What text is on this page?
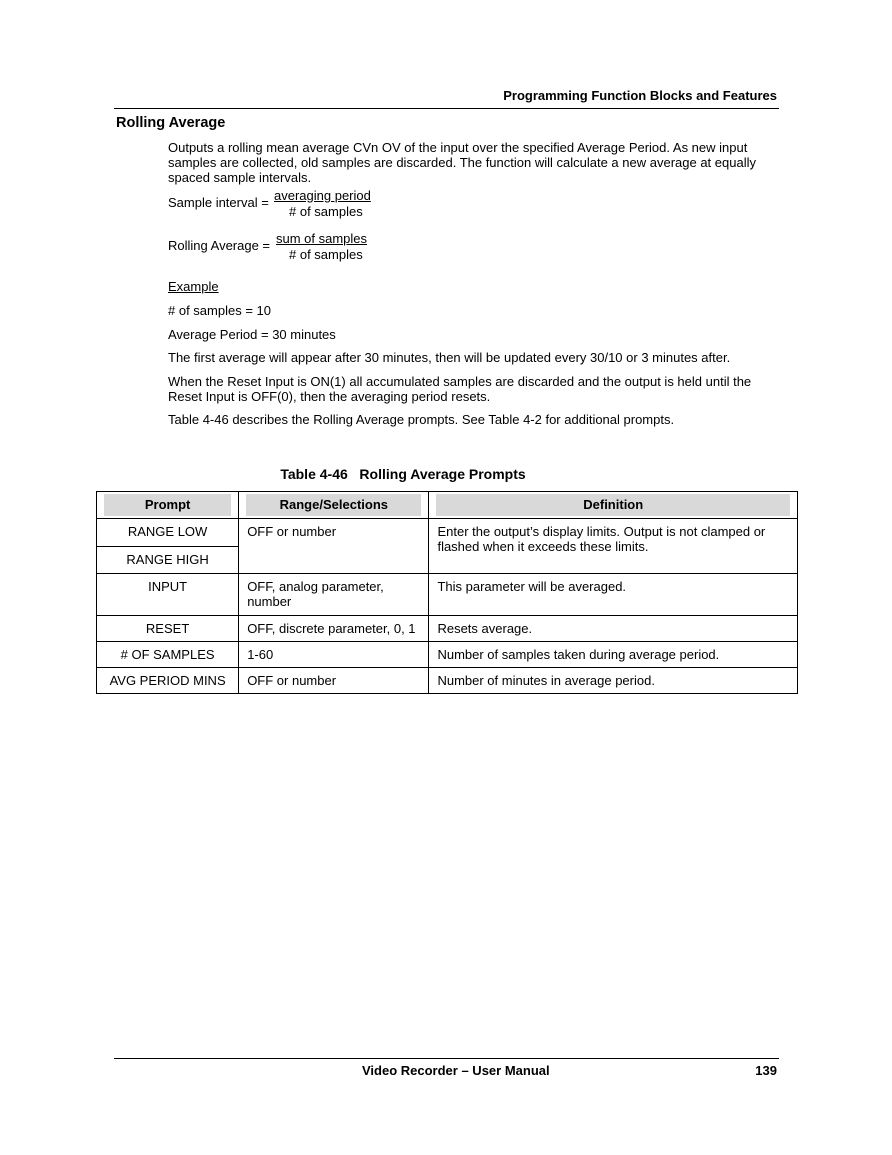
Programming Function Blocks and Features
Rolling Average
Outputs a rolling mean average CVn OV of the input over the specified Average Period. As new input samples are collected, old samples are discarded. The function will calculate a new average at equally spaced sample intervals.
Sample interval = averaging period
# of samples
Rolling Average = sum of samples
# of samples
Example
# of samples = 10
Average Period = 30 minutes
The first average will appear after 30 minutes, then will be updated every 30/10 or 3 minutes after.
When the Reset Input is ON(1) all accumulated samples are discarded and the output is held until the Reset Input is OFF(0), then the averaging period resets.
Table 4-46 describes the Rolling Average prompts. See Table 4-2 for additional prompts.
Table 4-46   Rolling Average Prompts
Prompt	Range/Selections	Definition

RANGE LOW	OFF or number	Enter the output’s display limits. Output is not clamped or flashed when it exceeds these limits.
RANGE HIGH		
INPUT	OFF, analog parameter, number	This parameter will be averaged.
RESET	OFF, discrete parameter, 0, 1	Resets average.
# OF SAMPLES	1-60	Number of samples taken during average period.
AVG PERIOD MINS	OFF or number	Number of minutes in average period.
Video Recorder – User Manual	139
